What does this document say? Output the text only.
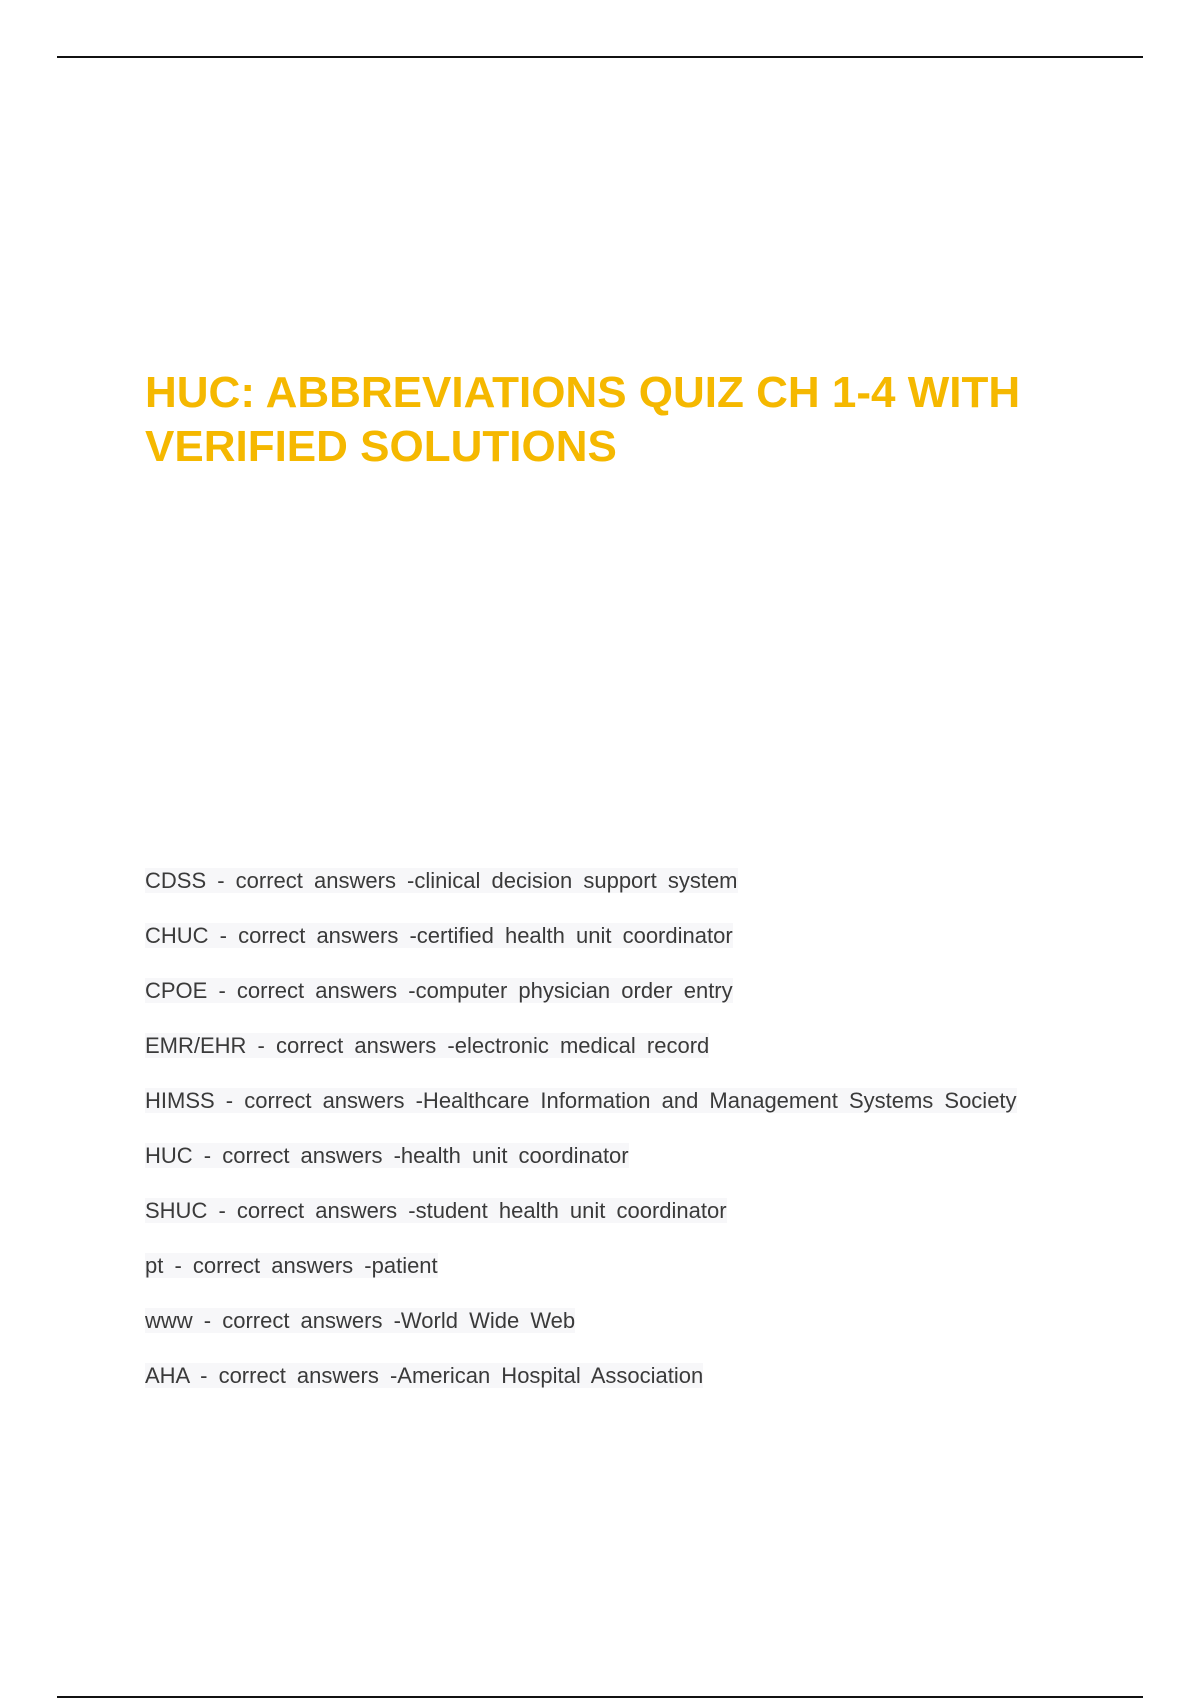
HUC: ABBREVIATIONS QUIZ CH 1-4 WITH VERIFIED SOLUTIONS
CDSS - correct answers -clinical decision support system
CHUC - correct answers -certified health unit coordinator
CPOE - correct answers -computer physician order entry
EMR/EHR - correct answers -electronic medical record
HIMSS - correct answers -Healthcare Information and Management Systems Society
HUC - correct answers -health unit coordinator
SHUC - correct answers -student health unit coordinator
pt - correct answers -patient
www - correct answers -World Wide Web
AHA - correct answers -American Hospital Association
